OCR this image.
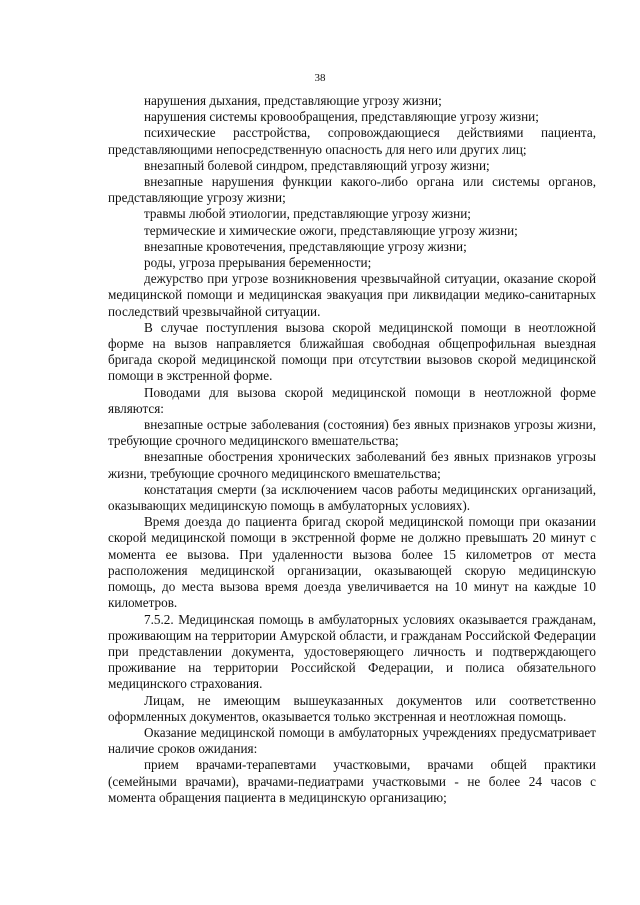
38

нарушения дыхания, представляющие угрозу жизни;

нарушения системы кровообращения, представляющие угрозу жизни;

психические расстройства, сопровождающиеся действиями пациента, представляющими непосредственную опасность для него или других лиц;

внезапный болевой синдром, представляющий угрозу жизни;

внезапные нарушения функции какого-либо органа или системы органов, представляющие угрозу жизни;

травмы любой этиологии, представляющие угрозу жизни;

термические и химические ожоги, представляющие угрозу жизни;

внезапные кровотечения, представляющие угрозу жизни;

роды, угроза прерывания беременности;

дежурство при угрозе возникновения чрезвычайной ситуации, оказание скорой медицинской помощи и медицинская эвакуация при ликвидации медико-санитарных последствий чрезвычайной ситуации.

В случае поступления вызова скорой медицинской помощи в неотложной форме на вызов направляется ближайшая свободная общепрофильная выездная бригада скорой медицинской помощи при отсутствии вызовов скорой медицинской помощи в экстренной форме.

Поводами для вызова скорой медицинской помощи в неотложной форме являются:

внезапные острые заболевания (состояния) без явных признаков угрозы жизни, требующие срочного медицинского вмешательства;

внезапные обострения хронических заболеваний без явных признаков угрозы жизни, требующие срочного медицинского вмешательства;

констатация смерти (за исключением часов работы медицинских организаций, оказывающих медицинскую помощь в амбулаторных условиях).

Время доезда до пациента бригад скорой медицинской помощи при оказании скорой медицинской помощи в экстренной форме не должно превышать 20 минут с момента ее вызова. При удаленности вызова более 15 километров от места расположения медицинской организации, оказывающей скорую медицинскую помощь, до места вызова время доезда увеличивается на 10 минут на каждые 10 километров.

7.5.2. Медицинская помощь в амбулаторных условиях оказывается гражданам, проживающим на территории Амурской области, и гражданам Российской Федерации при представлении документа, удостоверяющего личность и подтверждающего проживание на территории Российской Федерации, и полиса обязательного медицинского страхования.

Лицам, не имеющим вышеуказанных документов или соответственно оформленных документов, оказывается только экстренная и неотложная помощь.

Оказание медицинской помощи в амбулаторных учреждениях предусматривает наличие сроков ожидания:

прием врачами-терапевтами участковыми, врачами общей практики (семейными врачами), врачами-педиатрами участковыми - не более 24 часов с момента обращения пациента в медицинскую организацию;
